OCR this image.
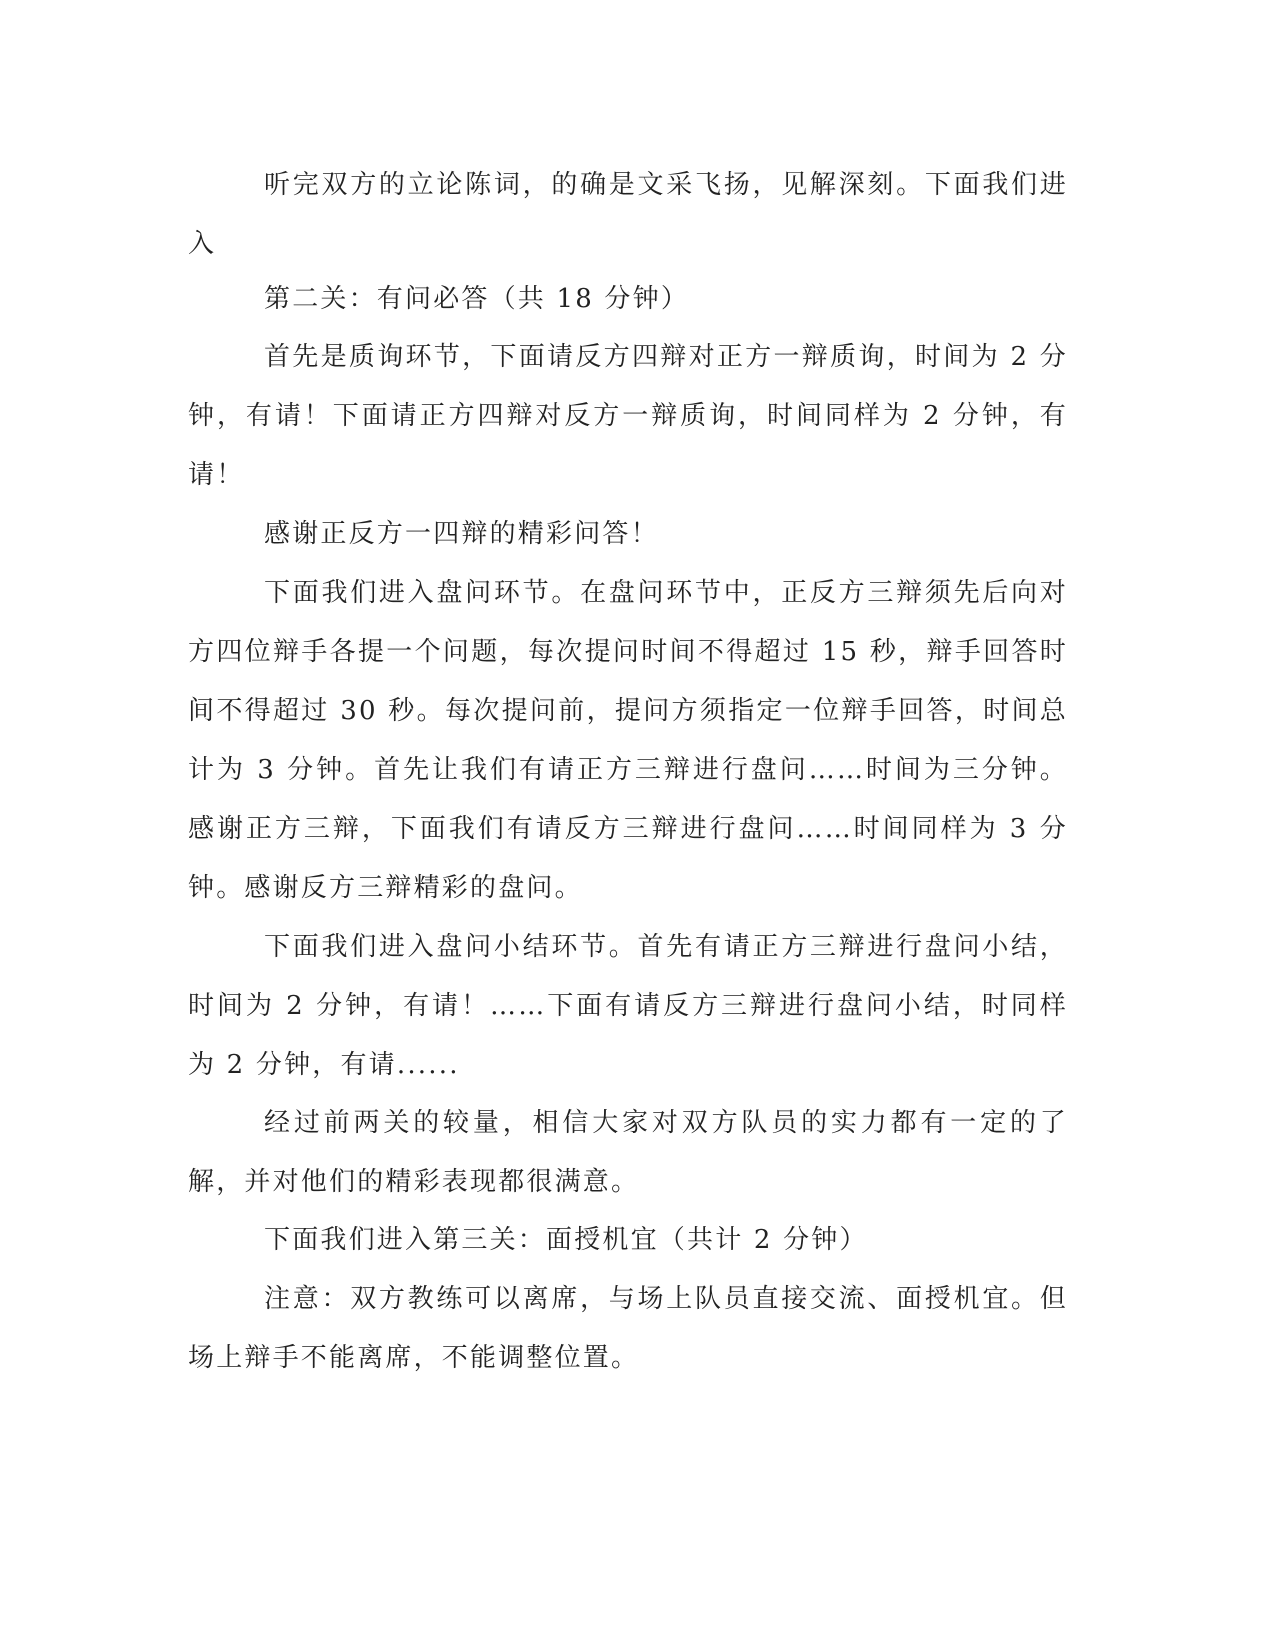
听完双方的立论陈词，的确是文采飞扬，见解深刻。下面我们进入

第二关：有问必答（共 18 分钟）

首先是质询环节，下面请反方四辩对正方一辩质询，时间为 2 分钟，有请！下面请正方四辩对反方一辩质询，时间同样为 2 分钟，有请！

感谢正反方一四辩的精彩问答！

下面我们进入盘问环节。在盘问环节中，正反方三辩须先后向对方四位辩手各提一个问题，每次提问时间不得超过 15 秒，辩手回答时间不得超过 30 秒。每次提问前，提问方须指定一位辩手回答，时间总计为 3 分钟。首先让我们有请正方三辩进行盘问……时间为三分钟。感谢正方三辩，下面我们有请反方三辩进行盘问……时间同样为 3 分钟。感谢反方三辩精彩的盘问。

下面我们进入盘问小结环节。首先有请正方三辩进行盘问小结，时间为 2 分钟，有请！……下面有请反方三辩进行盘问小结，时同样为 2 分钟，有请......

经过前两关的较量，相信大家对双方队员的实力都有一定的了解，并对他们的精彩表现都很满意。

下面我们进入第三关：面授机宜（共计 2 分钟）

注意：双方教练可以离席，与场上队员直接交流、面授机宜。但场上辩手不能离席，不能调整位置。
